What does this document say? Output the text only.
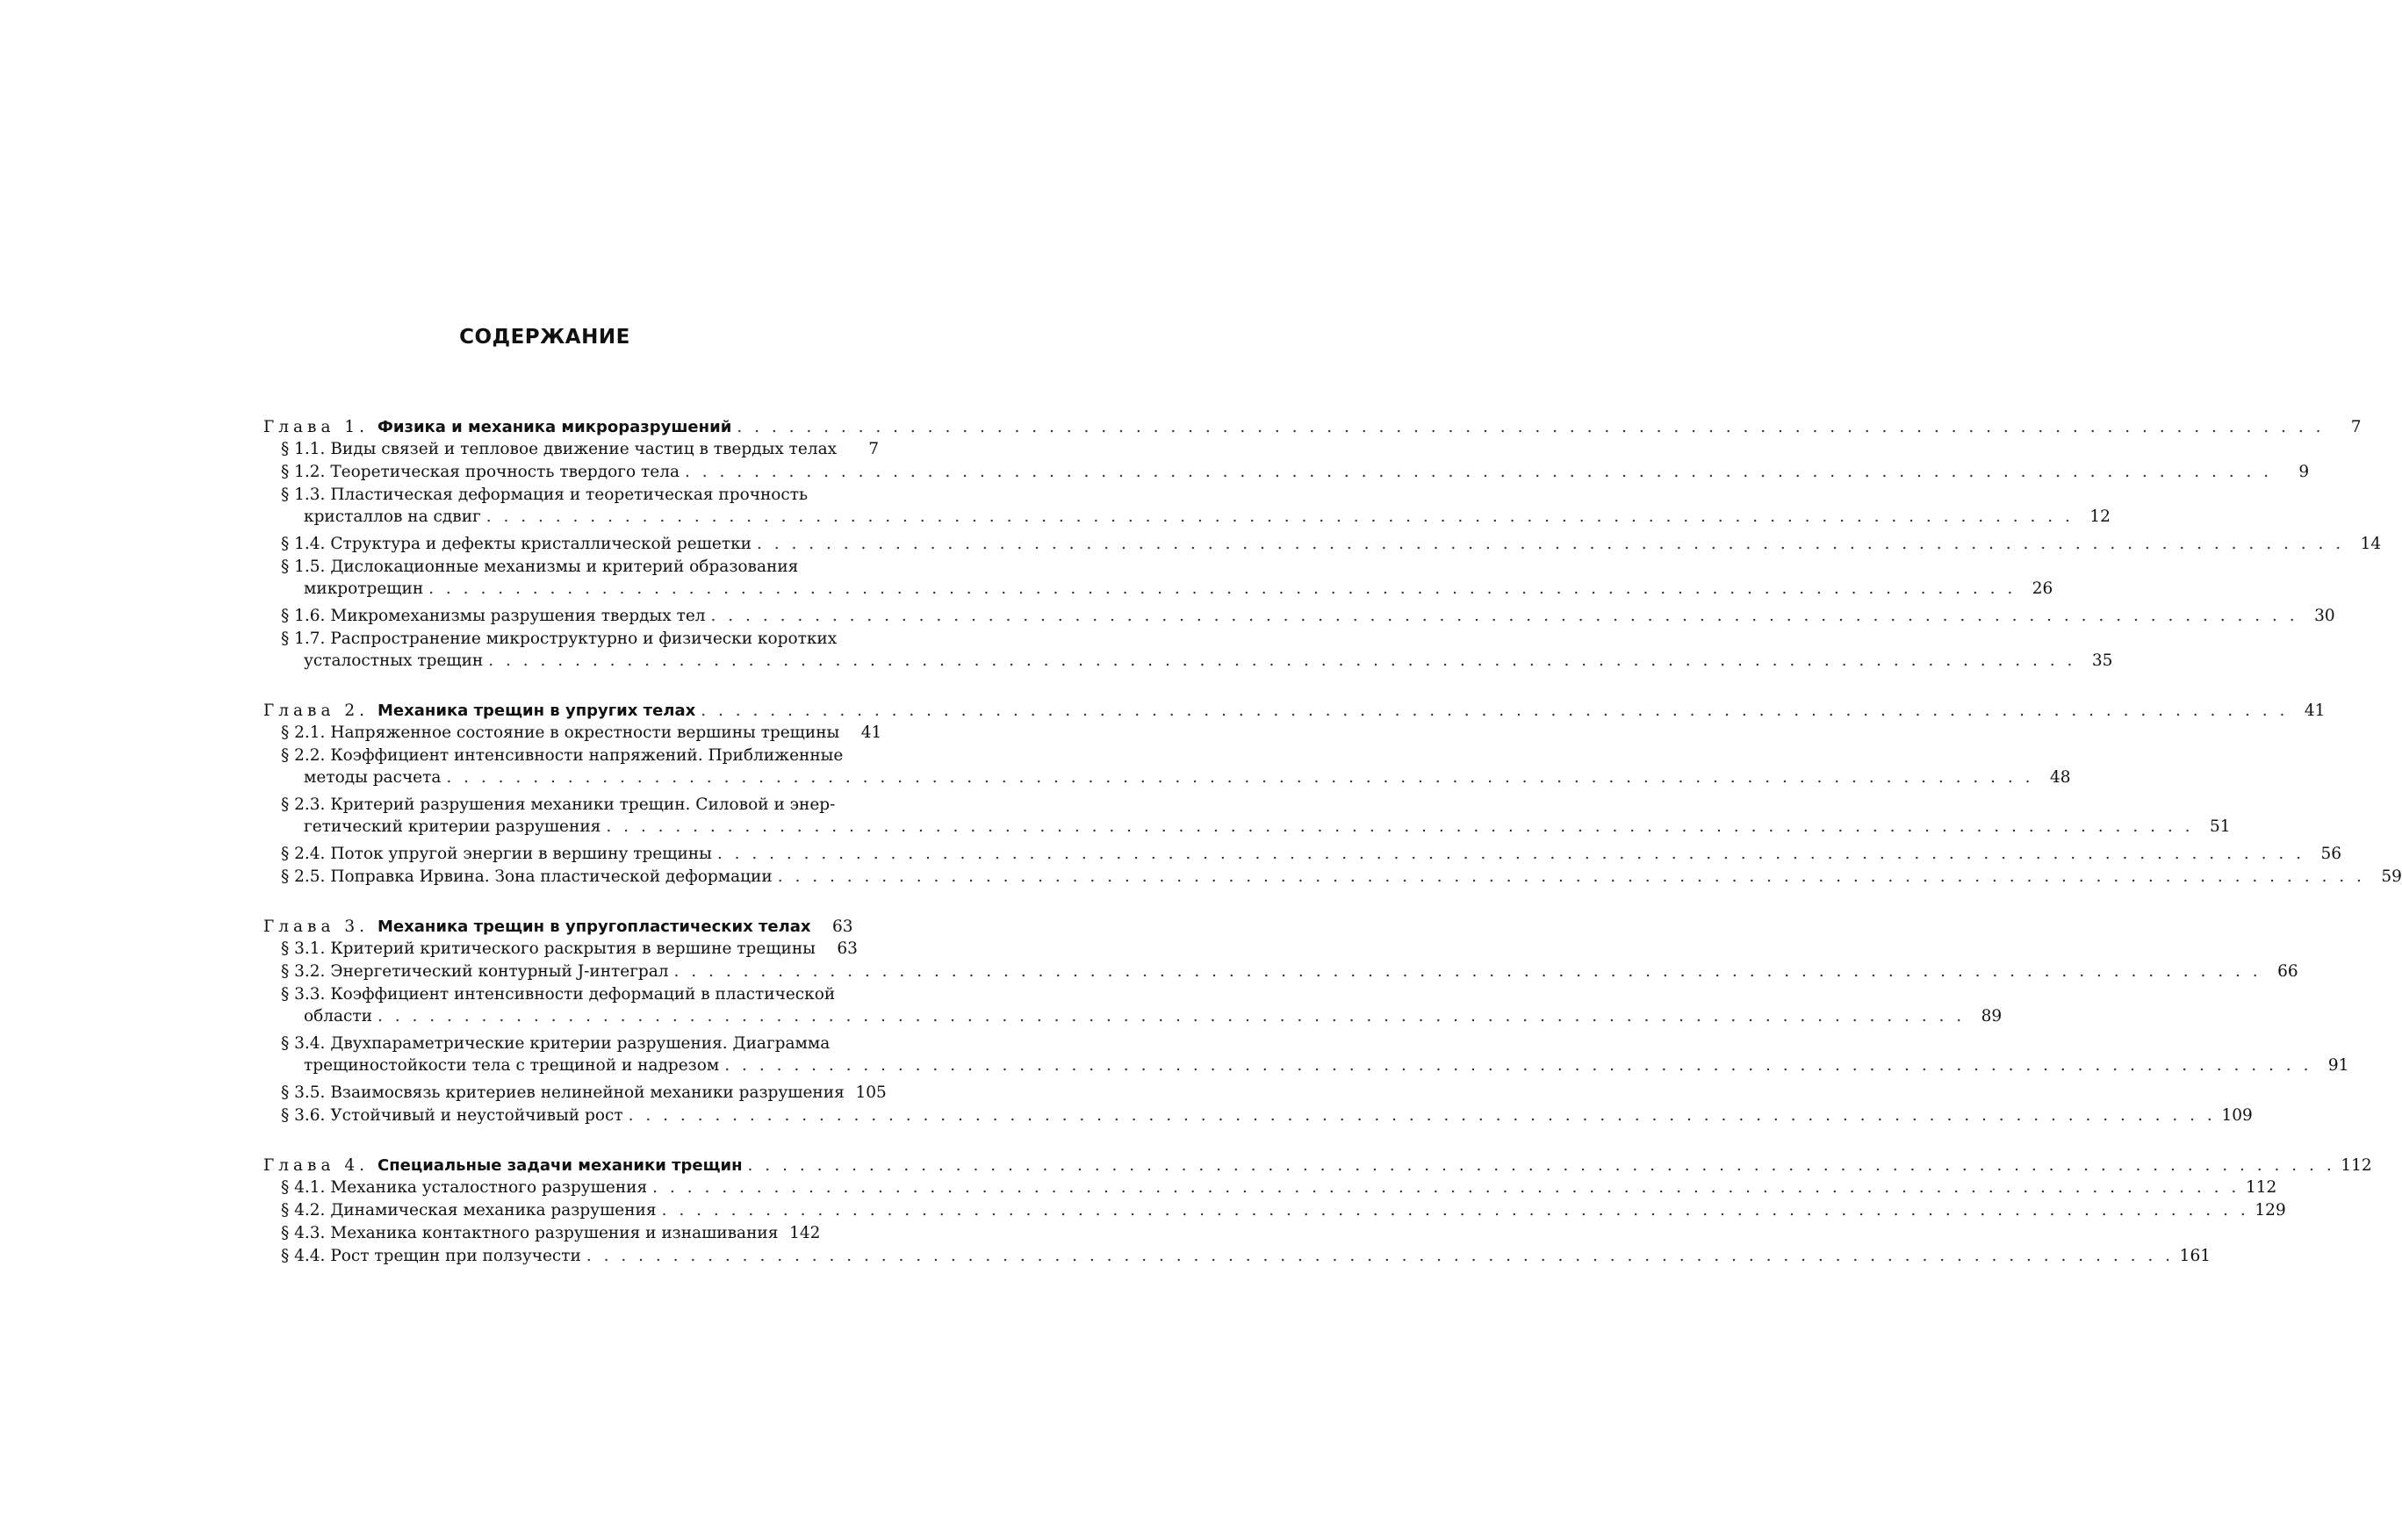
СОДЕРЖАНИЕ
Глава 1. Физика и механика микроразрушений . . . . . . . . . . . . . . . . . . . . . . . . . . . . . . . . . . . . . . . . . . . . . . . . . . . . . . . . . . . . . . . . . . . . . . . . . . . . . . . . . . . . . . . . . . . .	7
§ 1.1. Виды связей и тепловое движение частиц в твердых телах	7
§ 1.2. Теоретическая прочность твердого тела . . . . . . . . . . . . . . . . . . . . . . . . . . . . . . . . . . . . . . . . . . . . . . . . . . . . . . . . . . . . . . . . . . . . . . . . . . . . . . . . . . . . . . . . . . . .	9
§ 1.3. Пластическая деформация и теоретическая прочность
кристаллов на сдвиг . . . . . . . . . . . . . . . . . . . . . . . . . . . . . . . . . . . . . . . . . . . . . . . . . . . . . . . . . . . . . . . . . . . . . . . . . . . . . . . . . . . . . . . . . . . . 12
§ 1.4. Структура и дефекты кристаллической решетки . . . . . . . . . . . . . . . . . . . . . . . . . . . . . . . . . . . . . . . . . . . . . . . . . . . . . . . . . . . . . . . . . . . . . . . . . . . . . . . . . . . . . . . . . . . . 14
§ 1.5. Дислокационные механизмы и критерий образования
микротрещин . . . . . . . . . . . . . . . . . . . . . . . . . . . . . . . . . . . . . . . . . . . . . . . . . . . . . . . . . . . . . . . . . . . . . . . . . . . . . . . . . . . . . . . . . . . . 26
§ 1.6. Микромеханизмы разрушения твердых тел . . . . . . . . . . . . . . . . . . . . . . . . . . . . . . . . . . . . . . . . . . . . . . . . . . . . . . . . . . . . . . . . . . . . . . . . . . . . . . . . . . . . . . . . . . . . 30
§ 1.7. Распространение микроструктурно и физически коротких
усталостных трещин . . . . . . . . . . . . . . . . . . . . . . . . . . . . . . . . . . . . . . . . . . . . . . . . . . . . . . . . . . . . . . . . . . . . . . . . . . . . . . . . . . . . . . . . . . . . 35
Глава 2. Механика трещин в упругих телах . . . . . . . . . . . . . . . . . . . . . . . . . . . . . . . . . . . . . . . . . . . . . . . . . . . . . . . . . . . . . . . . . . . . . . . . . . . . . . . . . . . . . . . . . . . . 41
§ 2.1. Напряженное состояние в окрестности вершины трещины	41
§ 2.2. Коэффициент интенсивности напряжений. Приближенные
методы расчета . . . . . . . . . . . . . . . . . . . . . . . . . . . . . . . . . . . . . . . . . . . . . . . . . . . . . . . . . . . . . . . . . . . . . . . . . . . . . . . . . . . . . . . . . . . . 48
§ 2.3. Критерий разрушения механики трещин. Силовой и энер-
гетический критерии разрушения . . . . . . . . . . . . . . . . . . . . . . . . . . . . . . . . . . . . . . . . . . . . . . . . . . . . . . . . . . . . . . . . . . . . . . . . . . . . . . . . . . . . . . . . . . . . 51
§ 2.4. Поток упругой энергии в вершину трещины . . . . . . . . . . . . . . . . . . . . . . . . . . . . . . . . . . . . . . . . . . . . . . . . . . . . . . . . . . . . . . . . . . . . . . . . . . . . . . . . . . . . . . . . . . . . 56
§ 2.5. Поправка Ирвина. Зона пластической деформации . . . . . . . . . . . . . . . . . . . . . . . . . . . . . . . . . . . . . . . . . . . . . . . . . . . . . . . . . . . . . . . . . . . . . . . . . . . . . . . . . . . . . . . . . . . . 59
Глава 3. Механика трещин в упругопластических телах	63
§ 3.1. Критерий критического раскрытия в вершине трещины	63
§ 3.2. Энергетический контурный J-интеграл . . . . . . . . . . . . . . . . . . . . . . . . . . . . . . . . . . . . . . . . . . . . . . . . . . . . . . . . . . . . . . . . . . . . . . . . . . . . . . . . . . . . . . . . . . . . 66
§ 3.3. Коэффициент интенсивности деформаций в пластической
области . . . . . . . . . . . . . . . . . . . . . . . . . . . . . . . . . . . . . . . . . . . . . . . . . . . . . . . . . . . . . . . . . . . . . . . . . . . . . . . . . . . . . . . . . . . . 89
§ 3.4. Двухпараметрические критерии разрушения. Диаграмма
трещиностойкости тела с трещиной и надрезом . . . . . . . . . . . . . . . . . . . . . . . . . . . . . . . . . . . . . . . . . . . . . . . . . . . . . . . . . . . . . . . . . . . . . . . . . . . . . . . . . . . . . . . . . . . . 91
§ 3.5. Взаимосвязь критериев нелинейной механики разрушения 105
§ 3.6. Устойчивый и неустойчивый рост . . . . . . . . . . . . . . . . . . . . . . . . . . . . . . . . . . . . . . . . . . . . . . . . . . . . . . . . . . . . . . . . . . . . . . . . . . . . . . . . . . . . . . . . . . . . 109
Глава 4. Специальные задачи механики трещин . . . . . . . . . . . . . . . . . . . . . . . . . . . . . . . . . . . . . . . . . . . . . . . . . . . . . . . . . . . . . . . . . . . . . . . . . . . . . . . . . . . . . . . . . . . . 112
§ 4.1. Механика усталостного разрушения . . . . . . . . . . . . . . . . . . . . . . . . . . . . . . . . . . . . . . . . . . . . . . . . . . . . . . . . . . . . . . . . . . . . . . . . . . . . . . . . . . . . . . . . . . . . 112
§ 4.2. Динамическая механика разрушения . . . . . . . . . . . . . . . . . . . . . . . . . . . . . . . . . . . . . . . . . . . . . . . . . . . . . . . . . . . . . . . . . . . . . . . . . . . . . . . . . . . . . . . . . . . . 129
§ 4.3. Механика контактного разрушения и изнашивания 142
§ 4.4. Рост трещин при ползучести . . . . . . . . . . . . . . . . . . . . . . . . . . . . . . . . . . . . . . . . . . . . . . . . . . . . . . . . . . . . . . . . . . . . . . . . . . . . . . . . . . . . . . . . . . . . 161
